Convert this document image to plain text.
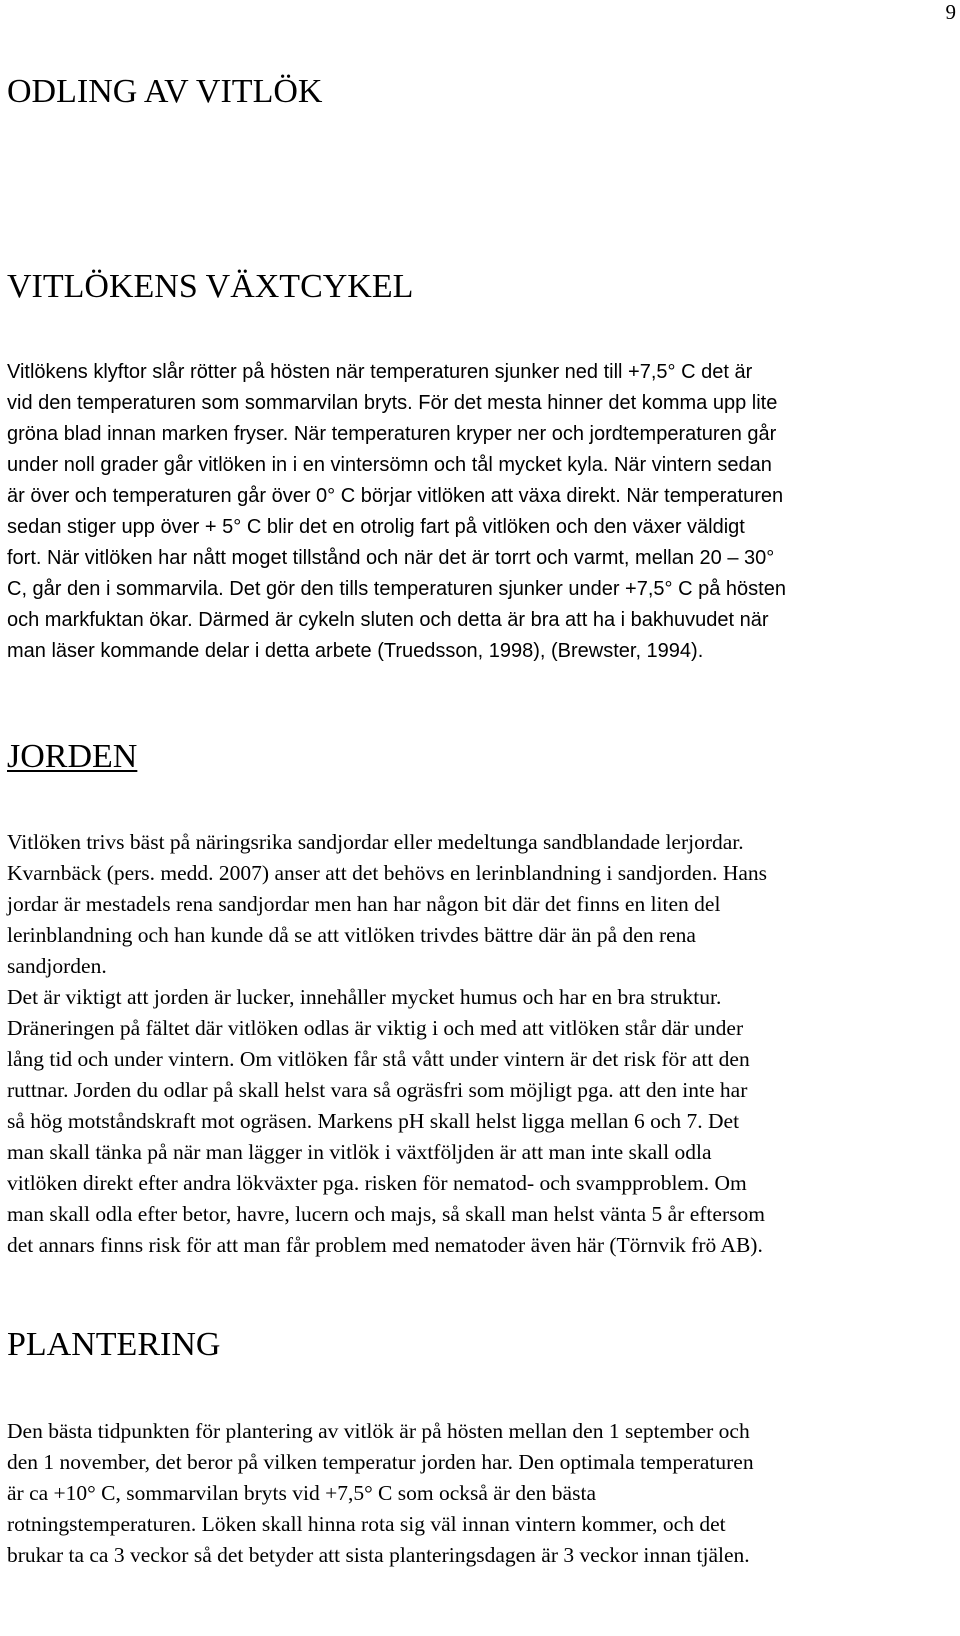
9
ODLING AV VITLÖK
VITLÖKENS VÄXTCYKEL
Vitlökens klyftor slår rötter på hösten när temperaturen sjunker ned till +7,5° C det är
vid den temperaturen som sommarvilan bryts. För det mesta hinner det komma upp lite
gröna blad innan marken fryser. När temperaturen kryper ner och jordtemperaturen går
under noll grader går vitlöken in i en vintersömn och tål mycket kyla. När vintern sedan
är över och temperaturen går över 0° C börjar vitlöken att växa direkt. När temperaturen
sedan stiger upp över + 5° C blir det en otrolig fart på vitlöken och den växer väldigt
fort. När vitlöken har nått moget tillstånd och när det är torrt och varmt, mellan 20 – 30°
C, går den i sommarvila. Det gör den tills temperaturen sjunker under +7,5° C på hösten
och markfuktan ökar. Därmed är cykeln sluten och detta är bra att ha i bakhuvudet när
man läser kommande delar i detta arbete (Truedsson, 1998), (Brewster, 1994).
JORDEN
Vitlöken trivs bäst på näringsrika sandjordar eller medeltunga sandblandade lerjordar.
Kvarnbäck (pers. medd. 2007) anser att det behövs en lerinblandning i sandjorden. Hans
jordar är mestadels rena sandjordar men han har någon bit där det finns en liten del
lerinblandning och han kunde då se att vitlöken trivdes bättre där än på den rena
sandjorden.
Det är viktigt att jorden är lucker, innehåller mycket humus och har en bra struktur.
Dräneringen på fältet där vitlöken odlas är viktig i och med att vitlöken står där under
lång tid och under vintern. Om vitlöken får stå vått under vintern är det risk för att den
ruttnar. Jorden du odlar på skall helst vara så ogräsfri som möjligt pga. att den inte har
så hög motståndskraft mot ogräsen. Markens pH skall helst ligga mellan 6 och 7. Det
man skall tänka på när man lägger in vitlök i växtföljden är att man inte skall odla
vitlöken direkt efter andra lökväxter pga. risken för nematod- och svampproblem. Om
man skall odla efter betor, havre, lucern och majs, så skall man helst vänta 5 år eftersom
det annars finns risk för att man får problem med nematoder även här (Törnvik frö AB).
PLANTERING
Den bästa tidpunkten för plantering av vitlök är på hösten mellan den 1 september och
den 1 november, det beror på vilken temperatur jorden har. Den optimala temperaturen
är ca +10° C, sommarvilan bryts vid +7,5° C som också är den bästa
rotningstemperaturen. Löken skall hinna rota sig väl innan vintern kommer, och det
brukar ta ca 3 veckor så det betyder att sista planteringsdagen är 3 veckor innan tjälen.
